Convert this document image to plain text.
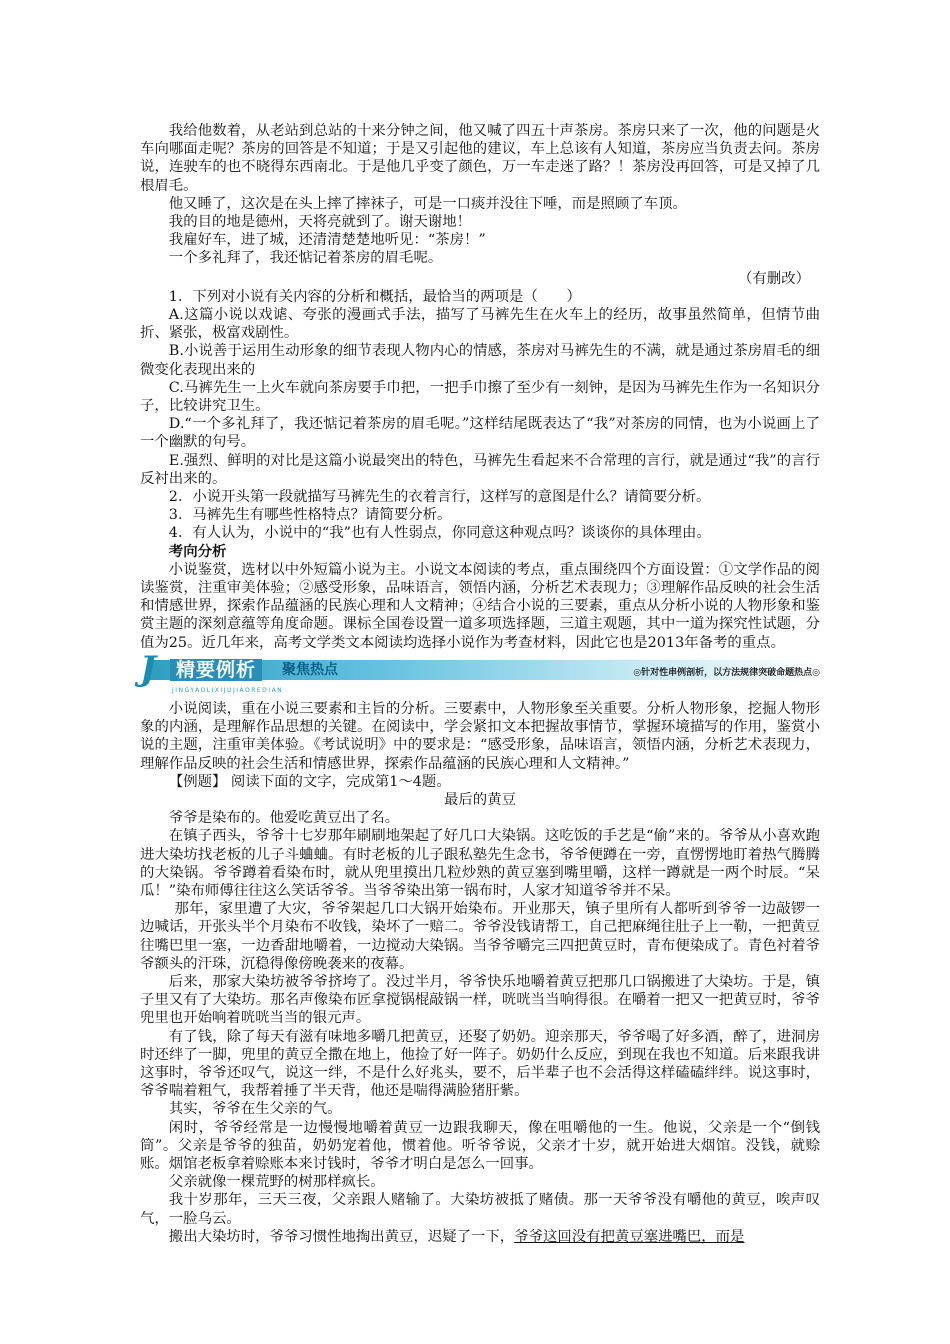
我给他数着，从老站到总站的十来分钟之间，他又喊了四五十声茶房。茶房只来了一次，他的问题是火车向哪面走呢？茶房的回答是不知道；于是又引起他的建议，车上总该有人知道，茶房应当负责去问。茶房说，连驶车的也不晓得东西南北。于是他几乎变了颜色，万一车走迷了路？！茶房没再回答，可是又掉了几根眉毛。

他又睡了，这次是在头上摔了摔袜子，可是一口痰并没往下唾，而是照顾了车顶。

我的目的地是德州，天将亮就到了。谢天谢地！

我雇好车，进了城，还清清楚楚地听见：“茶房！”

一个多礼拜了，我还惦记着茶房的眉毛呢。

（有删改）

1．下列对小说有关内容的分析和概括，最恰当的两项是（　　）

A.这篇小说以戏谑、夸张的漫画式手法，描写了马裤先生在火车上的经历，故事虽然简单，但情节曲折、紧张，极富戏剧性。

B.小说善于运用生动形象的细节表现人物内心的情感，茶房对马裤先生的不满，就是通过茶房眉毛的细微变化表现出来的

C.马裤先生一上火车就向茶房要手巾把，一把手巾擦了至少有一刻钟，是因为马裤先生作为一名知识分子，比较讲究卫生。

D.“一个多礼拜了，我还惦记着茶房的眉毛呢。”这样结尾既表达了“我”对茶房的同情，也为小说画上了一个幽默的句号。

E.强烈、鲜明的对比是这篇小说最突出的特色，马裤先生看起来不合常理的言行，就是通过“我”的言行反衬出来的。

2．小说开头第一段就描写马裤先生的衣着言行，这样写的意图是什么？请简要分析。

3．马裤先生有哪些性格特点？请简要分析。

4．有人认为，小说中的“我”也有人性弱点，你同意这种观点吗？谈谈你的具体理由。

考向分析

小说鉴赏，选材以中外短篇小说为主。小说文本阅读的考点，重点围绕四个方面设置：①文学作品的阅读鉴赏，注重审美体验；②感受形象，品味语言，领悟内涵，分析艺术表现力；③理解作品反映的社会生活和情感世界，探索作品蕴涵的民族心理和人文精神；④结合小说的三要素，重点从分析小说的人物形象和鉴赏主题的深刻意蕴等角度命题。课标全国卷设置一道多项选择题，三道主观题，其中一道为探究性试题，分值为25。近几年来，高考文学类文本阅读均选择小说作为考查材料，因此它也是2013年备考的重点。

J	精要例析	聚焦热点
JINGYAOLIXIJUJIAOREDIAN
◎针对性串例剖析，以方法规律突破命题热点◎

小说阅读，重在小说三要素和主旨的分析。三要素中，人物形象至关重要。分析人物形象，挖掘人物形象的内涵，是理解作品思想的关键。在阅读中，学会紧扣文本把握故事情节，掌握环境描写的作用，鉴赏小说的主题，注重审美体验。《考试说明》中的要求是：“感受形象，品味语言，领悟内涵，分析艺术表现力，理解作品反映的社会生活和情感世界，探索作品蕴涵的民族心理和人文精神。”

【例题】 阅读下面的文字，完成第1～4题。

最后的黄豆

爷爷是染布的。他爱吃黄豆出了名。

在镇子西头，爷爷十七岁那年刷刷地架起了好几口大染锅。这吃饭的手艺是“偷”来的。爷爷从小喜欢跑进大染坊找老板的儿子斗蛐蛐。有时老板的儿子跟私塾先生念书，爷爷便蹲在一旁，直愣愣地盯着热气腾腾的大染锅。爷爷蹲着看染布时，就从兜里摸出几粒炒熟的黄豆塞到嘴里嚼，这样一蹲就是一两个时辰。“呆瓜！”染布师傅往往这么笑话爷爷。当爷爷染出第一锅布时，人家才知道爷爷并不呆。

那年，家里遭了大灾，爷爷架起几口大锅开始染布。开业那天，镇子里所有人都听到爷爷一边敲锣一边喊话，开张头半个月染布不收钱，染坏了一赔二。爷爷没钱请帮工，自己把麻绳往肚子上一勒，一把黄豆往嘴巴里一塞，一边香甜地嚼着，一边搅动大染锅。当爷爷嚼完三四把黄豆时，青布便染成了。青色衬着爷爷额头的汗珠，沉稳得像傍晚袭来的夜幕。

后来，那家大染坊被爷爷挤垮了。没过半月，爷爷快乐地嚼着黄豆把那几口锅搬进了大染坊。于是，镇子里又有了大染坊。那名声像染布匠拿搅锅棍敲锅一样，咣咣当当响得很。在嚼着一把又一把黄豆时，爷爷兜里也开始响着咣咣当当的银元声。

有了钱，除了每天有滋有味地多嚼几把黄豆，还娶了奶奶。迎亲那天，爷爷喝了好多酒，醉了，进洞房时还绊了一脚，兜里的黄豆全撒在地上，他捡了好一阵子。奶奶什么反应，到现在我也不知道。后来跟我讲这事时，爷爷还叹气，说这一绊，不是什么好兆头，要不，后半辈子也不会活得这样磕磕绊绊。说这事时，爷爷喘着粗气，我帮着捶了半天背，他还是喘得满脸猪肝紫。

其实，爷爷在生父亲的气。

闲时，爷爷经常是一边慢慢地嚼着黄豆一边跟我聊天，像在咀嚼他的一生。他说，父亲是一个“倒钱筒”。父亲是爷爷的独苗，奶奶宠着他，惯着他。听爷爷说，父亲才十岁，就开始进大烟馆。没钱，就赊账。烟馆老板拿着赊账本来讨钱时，爷爷才明白是怎么一回事。

父亲就像一棵荒野的树那样疯长。

我十岁那年，三天三夜，父亲跟人赌输了。大染坊被抵了赌债。那一天爷爷没有嚼他的黄豆，唉声叹气，一脸乌云。

搬出大染坊时，爷爷习惯性地掏出黄豆，迟疑了一下，爷爷这回没有把黄豆塞进嘴巴，而是
